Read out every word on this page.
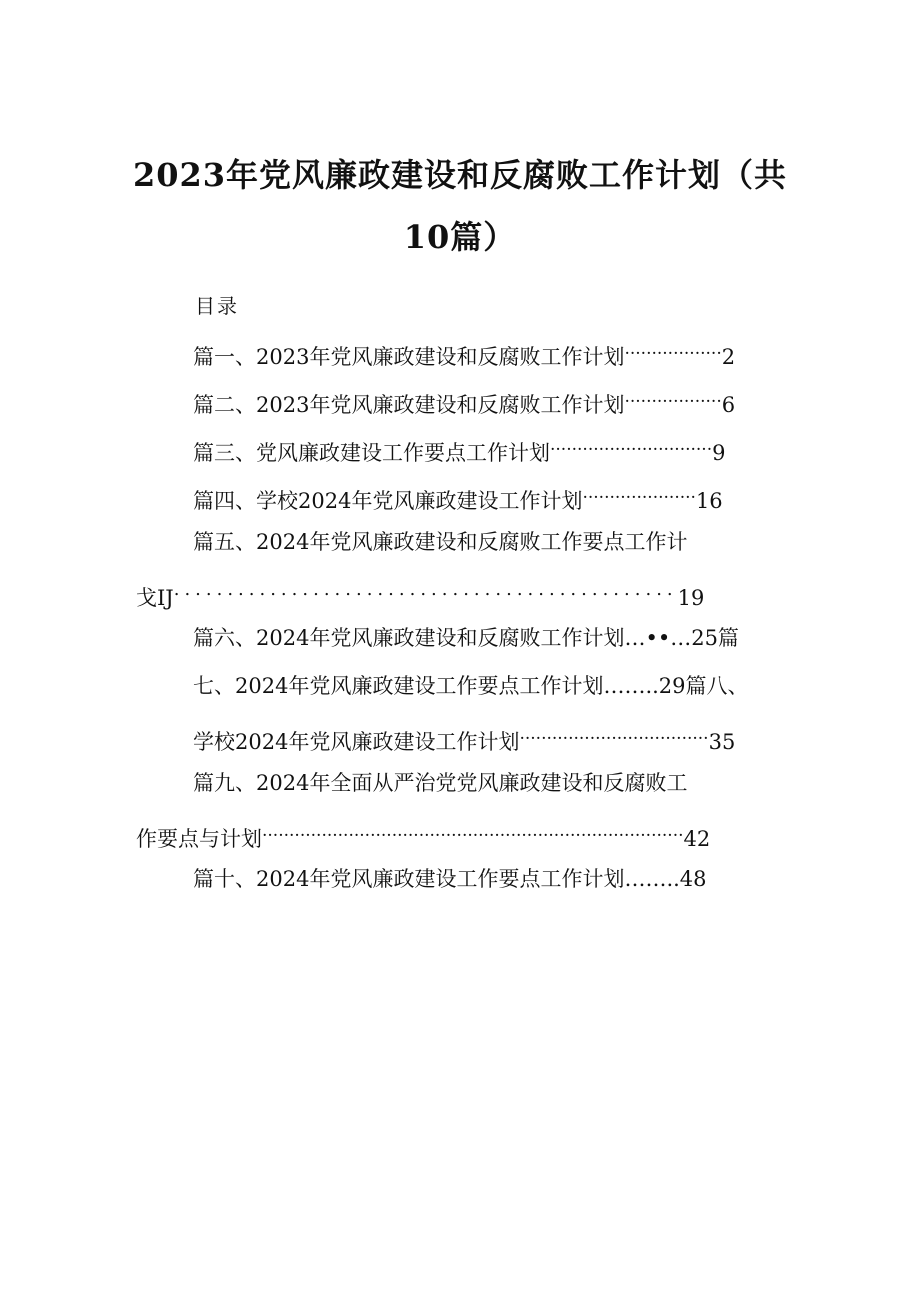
2023年党风廉政建设和反腐败工作计划（共
10篇）
目录
篇一、2023年党风廉政建设和反腐败工作计划..................2
篇二、2023年党风廉政建设和反腐败工作计划..................6
篇三、党风廉政建设工作要点工作计划..............................9
篇四、学校2024年党风廉政建设工作计划.....................16
篇五、2024年党风廉政建设和反腐败工作要点工作计
戈IJ...............................................19
篇六、2024年党风廉政建设和反腐败工作计划…••…25篇
七、2024年党风廉政建设工作要点工作计划……..29篇八、
学校2024年党风廉政建设工作计划...................................35
篇九、2024年全面从严治党党风廉政建设和反腐败工
作要点与计划..............................................................................42
篇十、2024年党风廉政建设工作要点工作计划……..48
